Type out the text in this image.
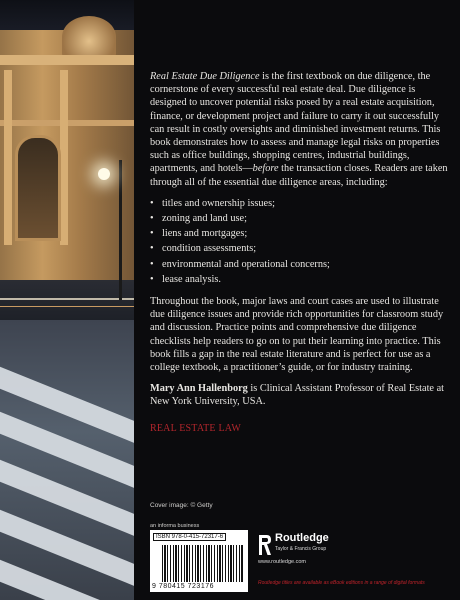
Real Estate Due Diligence is the first textbook on due diligence, the cornerstone of every successful real estate deal. Due diligence is designed to uncover potential risks posed by a real estate acquisition, finance, or development project and failure to carry it out successfully can result in costly oversights and diminished investment returns. This book demonstrates how to assess and manage legal risks on properties such as office buildings, shopping centres, industrial buildings, apartments, and hotels—before the transaction closes. Readers are taken through all of the essential due diligence areas, including:

• titles and ownership issues;
• zoning and land use;
• liens and mortgages;
• condition assessments;
• environmental and operational concerns;
• lease analysis.

Throughout the book, major laws and court cases are used to illustrate due diligence issues and provide rich opportunities for classroom study and discussion. Practice points and comprehensive due diligence checklists help readers to go on to put their learning into practice. This book fills a gap in the real estate literature and is perfect for use as a college textbook, a practitioner’s guide, or for industry training.

Mary Ann Hallenborg is Clinical Assistant Professor of Real Estate at New York University, USA.

REAL ESTATE LAW
Cover image: © Getty
an informa business
ISBN 978-0-415-72317-6
9 780415 723176
Routledge
Taylor & Francis Group
www.routledge.com
Routledge titles are available as eBook editions in a range of digital formats
